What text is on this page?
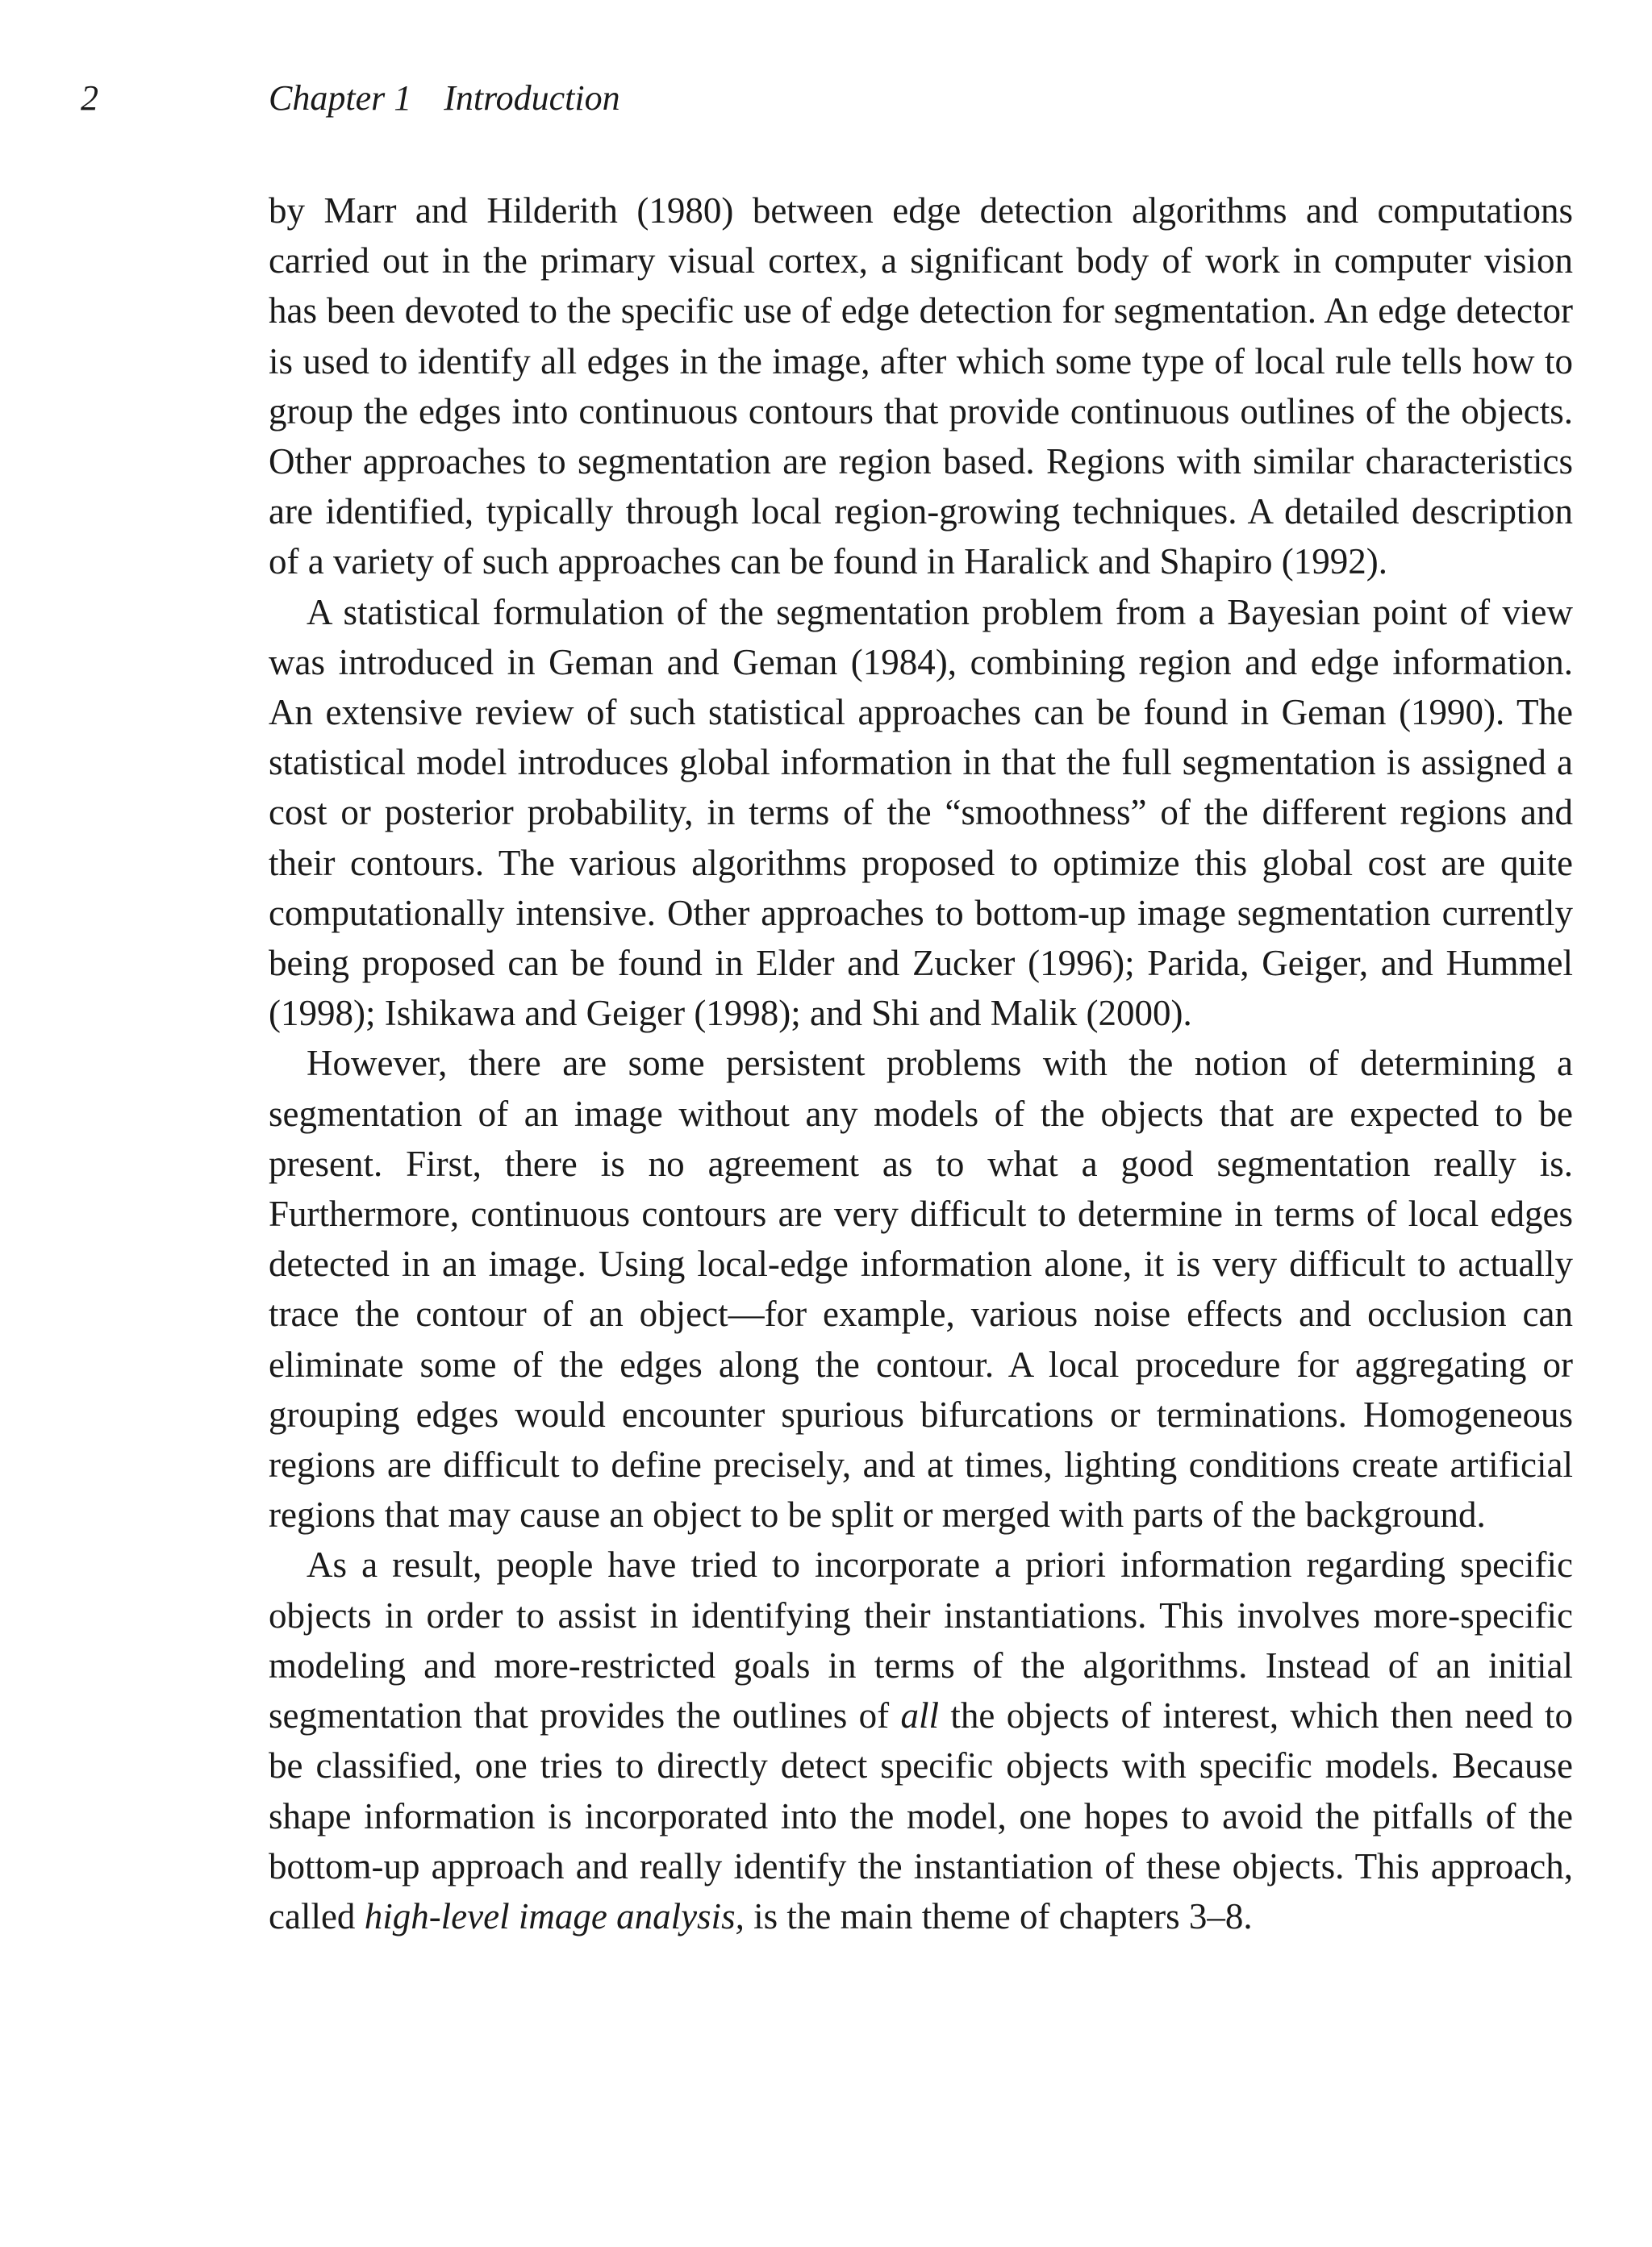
2	Chapter 1 Introduction

by Marr and Hilderith (1980) between edge detection algorithms and computations carried out in the primary visual cortex, a significant body of work in computer vision has been devoted to the specific use of edge detection for segmentation. An edge detector is used to identify all edges in the image, after which some type of local rule tells how to group the edges into continuous contours that provide continuous outlines of the objects. Other approaches to segmentation are region based. Regions with similar characteristics are identified, typically through local region-growing techniques. A detailed description of a variety of such approaches can be found in Haralick and Shapiro (1992).

A statistical formulation of the segmentation problem from a Bayesian point of view was introduced in Geman and Geman (1984), combining region and edge information. An extensive review of such statistical approaches can be found in Geman (1990). The statistical model introduces global information in that the full segmentation is assigned a cost or posterior probability, in terms of the “smoothness” of the different regions and their contours. The various algorithms proposed to optimize this global cost are quite computationally intensive. Other approaches to bottom-up image segmentation currently being proposed can be found in Elder and Zucker (1996); Parida, Geiger, and Hummel (1998); Ishikawa and Geiger (1998); and Shi and Malik (2000).

However, there are some persistent problems with the notion of determining a segmentation of an image without any models of the objects that are expected to be present. First, there is no agreement as to what a good segmentation really is. Furthermore, continuous contours are very difficult to determine in terms of local edges detected in an image. Using local-edge information alone, it is very difficult to actually trace the contour of an object—for example, various noise effects and occlusion can eliminate some of the edges along the contour. A local procedure for aggregating or grouping edges would encounter spurious bifurcations or terminations. Homogeneous regions are difficult to define precisely, and at times, lighting conditions create artificial regions that may cause an object to be split or merged with parts of the background.

As a result, people have tried to incorporate a priori information regarding specific objects in order to assist in identifying their instantiations. This involves more-specific modeling and more-restricted goals in terms of the algorithms. Instead of an initial segmentation that provides the outlines of all the objects of interest, which then need to be classified, one tries to directly detect specific objects with specific models. Because shape information is incorporated into the model, one hopes to avoid the pitfalls of the bottom-up approach and really identify the instantiation of these objects. This approach, called high-level image analysis, is the main theme of chapters 3–8.
